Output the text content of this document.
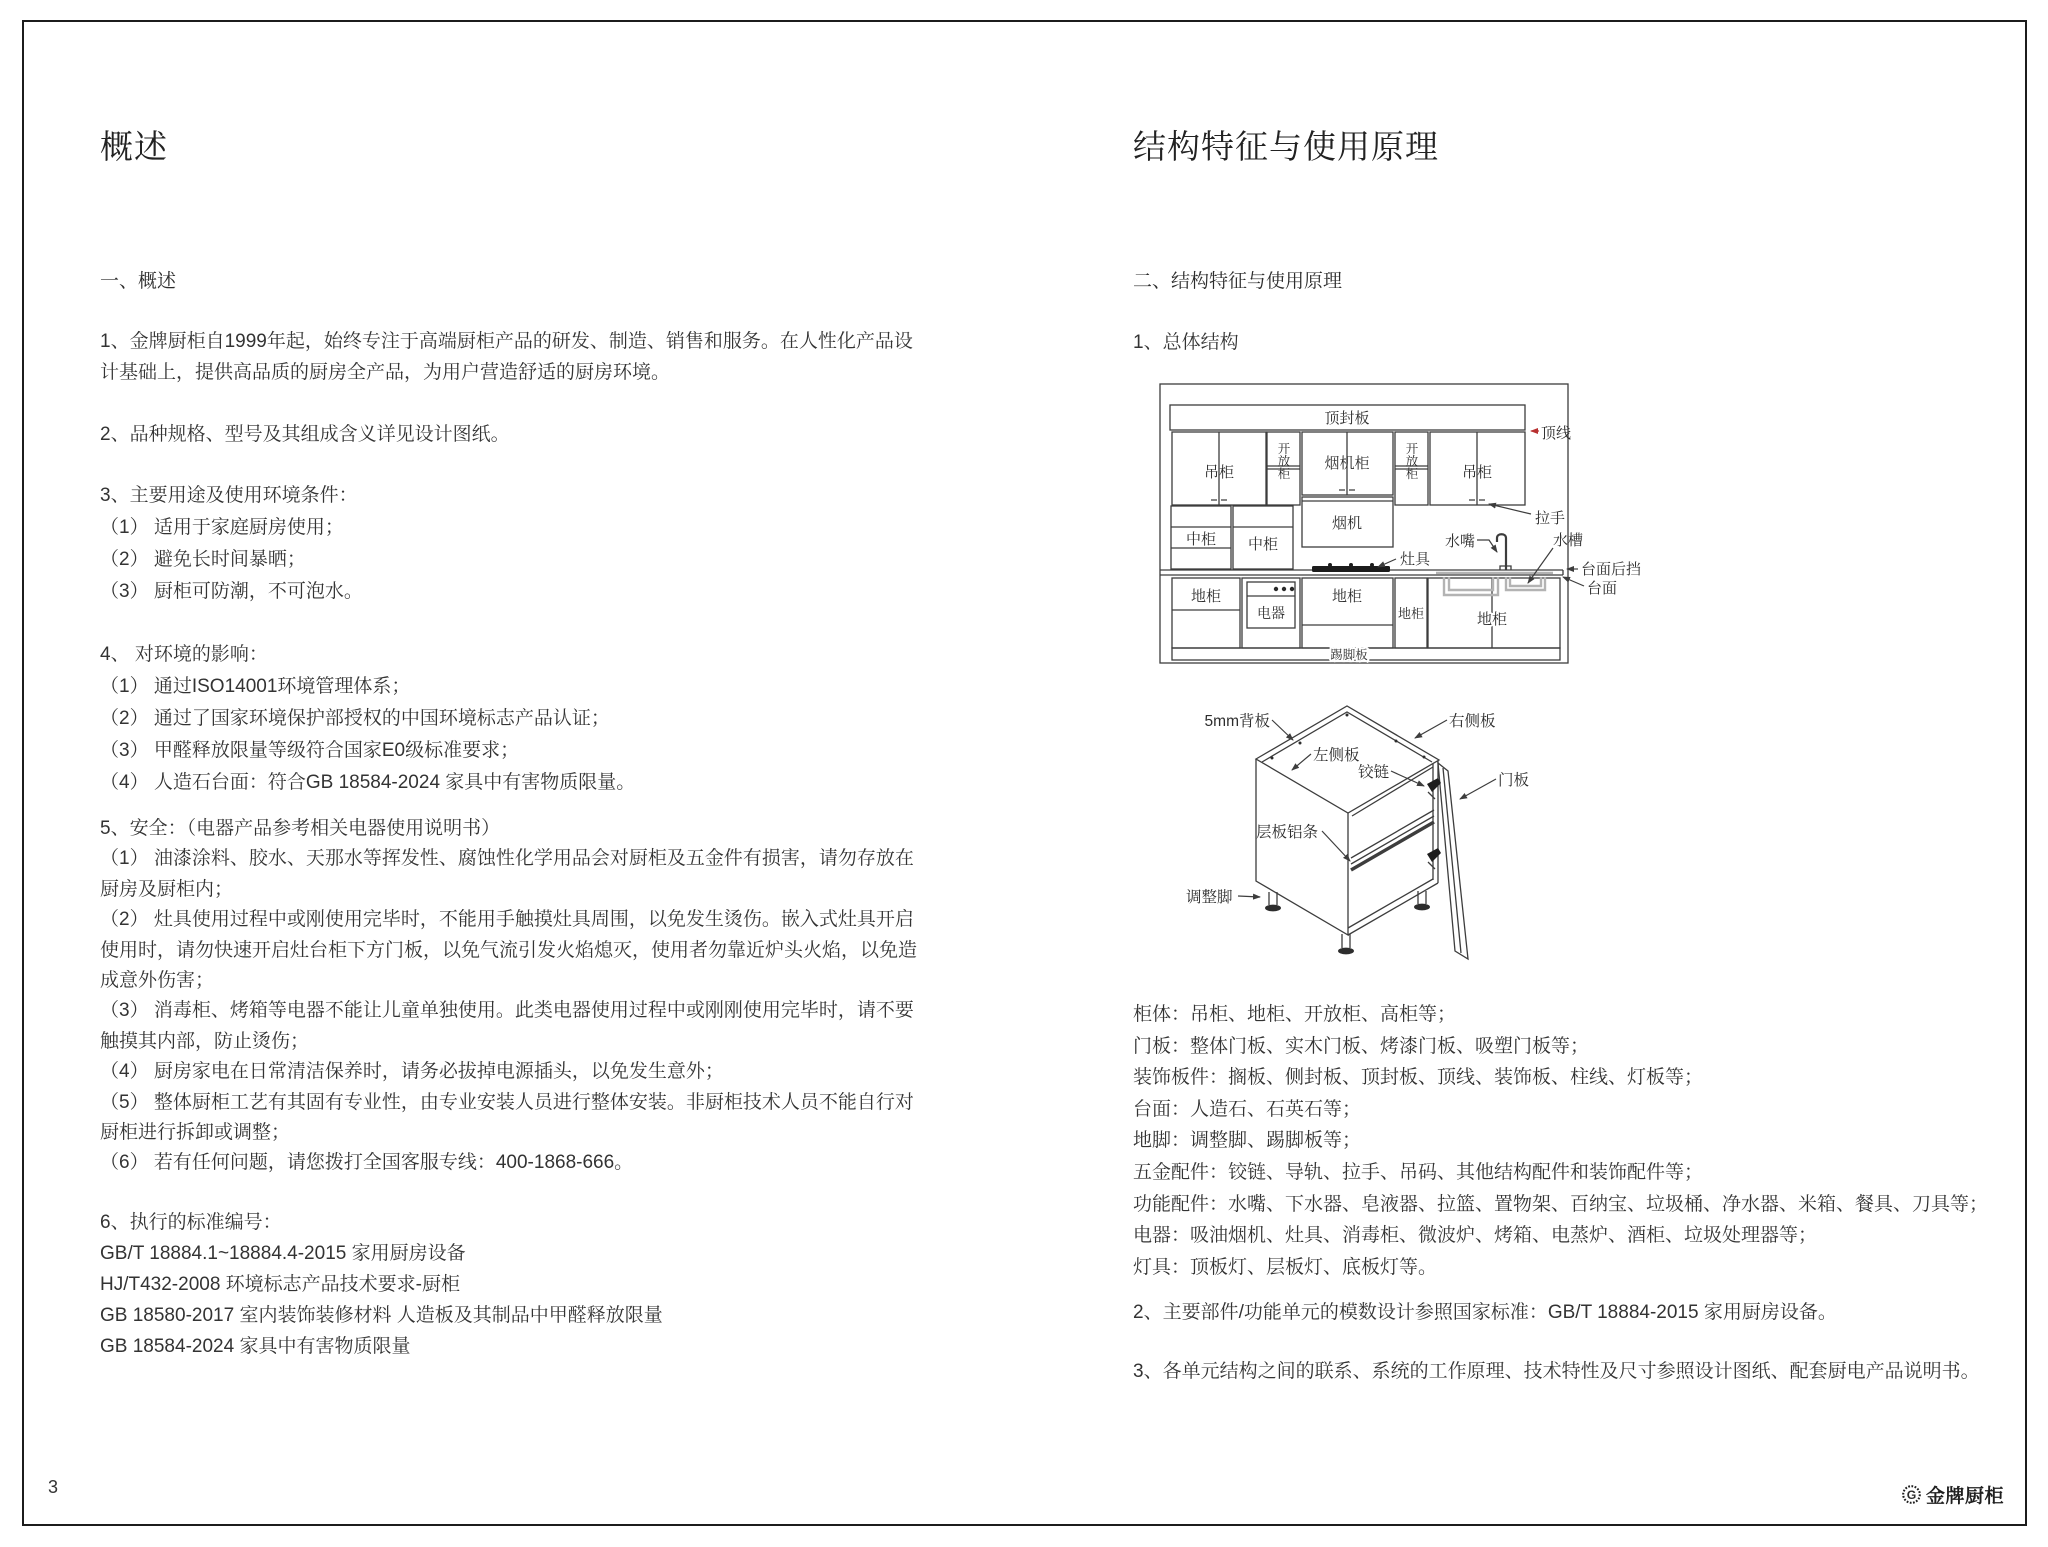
概述
一、概述

1、金牌厨柜自1999年起，始终专注于高端厨柜产品的研发、制造、销售和服务。在人性化产品设计基础上，提供高品质的厨房全产品，为用户营造舒适的厨房环境。

2、品种规格、型号及其组成含义详见设计图纸。

3、主要用途及使用环境条件：
（1） 适用于家庭厨房使用；
（2） 避免长时间暴晒；
（3） 厨柜可防潮，不可泡水。
4、 对环境的影响：
（1） 通过ISO14001环境管理体系；
（2） 通过了国家环境保护部授权的中国环境标志产品认证；
（3） 甲醛释放限量等级符合国家E0级标准要求；
（4） 人造石台面：符合GB 18584-2024 家具中有害物质限量。

5、安全：（电器产品参考相关电器使用说明书）

（1） 油漆涂料、胶水、天那水等挥发性、腐蚀性化学用品会对厨柜及五金件有损害，请勿存放在厨房及厨柜内；

（2） 灶具使用过程中或刚使用完毕时，不能用手触摸灶具周围，以免发生烫伤。嵌入式灶具开启使用时，请勿快速开启灶台柜下方门板，以免气流引发火焰熄灭，使用者勿靠近炉头火焰，以免造成意外伤害；

（3） 消毒柜、烤箱等电器不能让儿童单独使用。此类电器使用过程中或刚刚使用完毕时，请不要触摸其内部，防止烫伤；

（4） 厨房家电在日常清洁保养时，请务必拔掉电源插头，以免发生意外；

（5） 整体厨柜工艺有其固有专业性，由专业安装人员进行整体安装。非厨柜技术人员不能自行对厨柜进行拆卸或调整；

（6） 若有任何问题，请您拨打全国客服专线：400-1868-666。

6、执行的标准编号：
GB/T 18884.1~18884.4-2015 家用厨房设备
HJ/T432-2008 环境标志产品技术要求-厨柜
GB 18580-2017 室内装饰装修材料 人造板及其制品中甲醛释放限量
GB 18584-2024 家具中有害物质限量
结构特征与使用原理
二、结构特征与使用原理
1、总体结构
柜体：吊柜、地柜、开放柜、高柜等；
门板：整体门板、实木门板、烤漆门板、吸塑门板等；
装饰板件：搁板、侧封板、顶封板、顶线、装饰板、柱线、灯板等；
台面：人造石、石英石等；
地脚：调整脚、踢脚板等；
五金配件：铰链、导轨、拉手、吊码、其他结构配件和装饰配件等；
功能配件：水嘴、下水器、皂液器、拉篮、置物架、百纳宝、垃圾桶、净水器、米箱、餐具、刀具等；
电器：吸油烟机、灶具、消毒柜、微波炉、烤箱、电蒸炉、酒柜、垃圾处理器等；
灯具：顶板灯、层板灯、底板灯等。

2、主要部件/功能单元的模数设计参照国家标准：GB/T 18884-2015 家用厨房设备。

3、各单元结构之间的联系、系统的工作原理、技术特性及尺寸参照设计图纸、配套厨电产品说明书。

顶封板
吊柜	吊柜
烟机柜
烟机
开放柜	开放柜
中柜 中柜
地柜	地柜
地柜	地柜
电器
踢脚板
灶具
水嘴	水槽
拉手
顶线
台面后挡
台面
5mm背板	右侧板
左侧板
铰链	门板
层板铝条
调整脚
3	G 金牌厨柜
